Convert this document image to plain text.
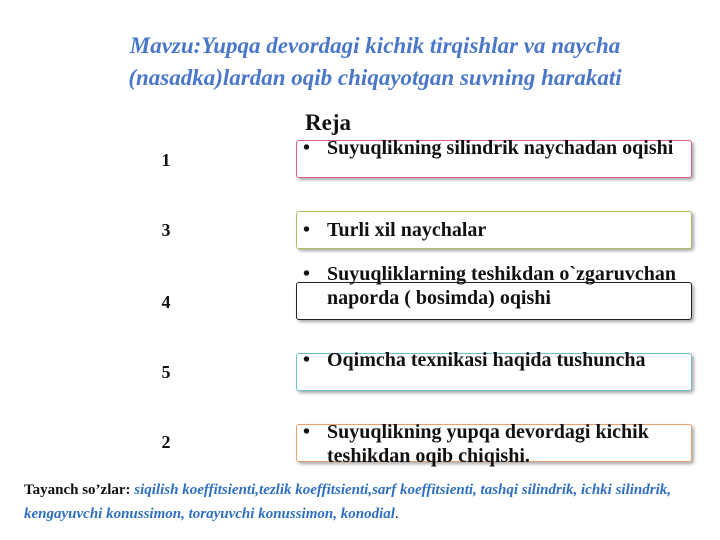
Mavzu:Yupqa devordagi kichik tirqishlar va naycha
(nasadka)lardan oqib chiqayotgan suvning harakati
Reja
1
• Suyuqlikning silindrik naychadan oqishi
3	• Turli xil naychalar
4
• Suyuqliklarning teshikdan o`zgaruvchan naporda ( bosimda) oqishi
5
• Oqimcha texnikasi haqida tushuncha
2	• Suyuqlikning yupqa devordagi kichik teshikdan oqib chiqishi.
Tayanch so’zlar: siqilish koeffitsienti,tezlik koeffitsienti,sarf koeffitsienti, tashqi silindrik, ichki silindrik, kengayuvchi konussimon, torayuvchi konussimon, konodial.
